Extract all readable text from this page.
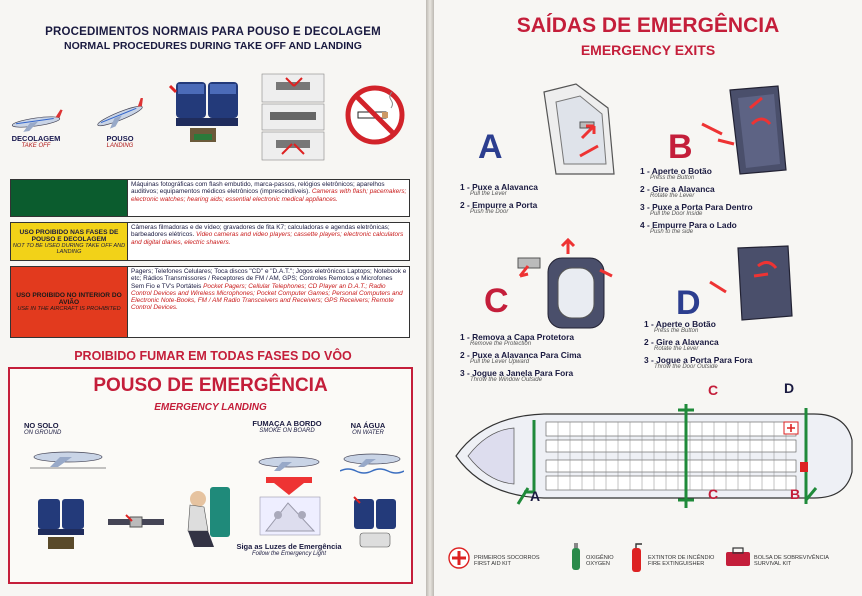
PROCEDIMENTOS NORMAIS PARA POUSO E DECOLAGEM
NORMAL PROCEDURES DURING TAKE OFF AND LANDING
DECOLAGEM
TAKE OFF
POUSO
LANDING
Máquinas fotográficas com flash embutido, marca-passos, relógios eletrônicos; aparelhos auditivos; equipamentos médicos eletrônicos (imprescindíveis). Cameras with flash; pacemakers; electronic watches; hearing aids; essential electronic medical appliances.
USO PROIBIDO NAS FASES DE POUSO E DECOLAGEM
NOT TO BE USED DURING TAKE OFF AND LANDING
Câmeras filmadoras e de vídeo; gravadores de fita K7; calculadoras e agendas eletrônicas; barbeadores elétricos. Video cameras and video players; cassette players; electronic calculators and digital diaries, electric shavers.
USO PROIBIDO NO INTERIOR DO AVIÃO
USE IN THE AIRCRAFT IS PROHIBITED
Pagers; Telefones Celulares; Toca discos "CD" e "D.A.T."; Jogos eletrônicos Laptops; Notebook e etc; Rádios Transmissores / Receptores de FM / AM, GPS; Controles Remotos e Microfones Sem Fio e TV's Portáteis Pocket Pagers; Cellular Telephones; CD Player an D.A.T.; Radio Control Devices and Wireless Microphones; Pocket Computer Games; Personal Computers and Electronic Note-Books, FM / AM Radio Transceivers and Receivers; GPS Receivers; Remote Control Devices.
PROIBIDO FUMAR EM TODAS FASES DO VÔO
POUSO DE EMERGÊNCIA
EMERGENCY LANDING
NO SOLO
ON GROUND
FUMAÇA A BORDO
SMOKE ON BOARD
Siga as Luzes de Emergência
Follow the Emergency Light
NA ÁGUA
ON WATER
SAÍDAS DE EMERGÊNCIA
EMERGENCY EXITS
A
1 - Puxe a Alavanca
Pull the Lever
2 - Empurre a Porta
Push the Door
B
1 - Aperte o Botão
Press the Button
2 - Gire a Alavanca
Rotate the Lever
3 - Puxe a Porta Para Dentro
Pull the Door Inside
4 - Empurre Para o Lado
Push to the side
C
1 - Remova a Capa Protetora
Remove the Protection
2 - Puxe a Alavanca Para Cima
Pull the Lever Upward
3 - Jogue a Janela Para Fora
Throw the Window Outside
D
1 - Aperte o Botão
Press the Button
2 - Gire a Alavanca
Rotate the Lever
3 - Jogue a Porta Para Fora
Throw the Door Outside
A	B
C
C
D
PRIMEIROS SOCORROS
FIRST AID KIT
OXIGÊNIO
OXYGEN
EXTINTOR DE INCÊNDIO
FIRE EXTINGUISHER
BOLSA DE SOBREVIVÊNCIA
SURVIVAL KIT
